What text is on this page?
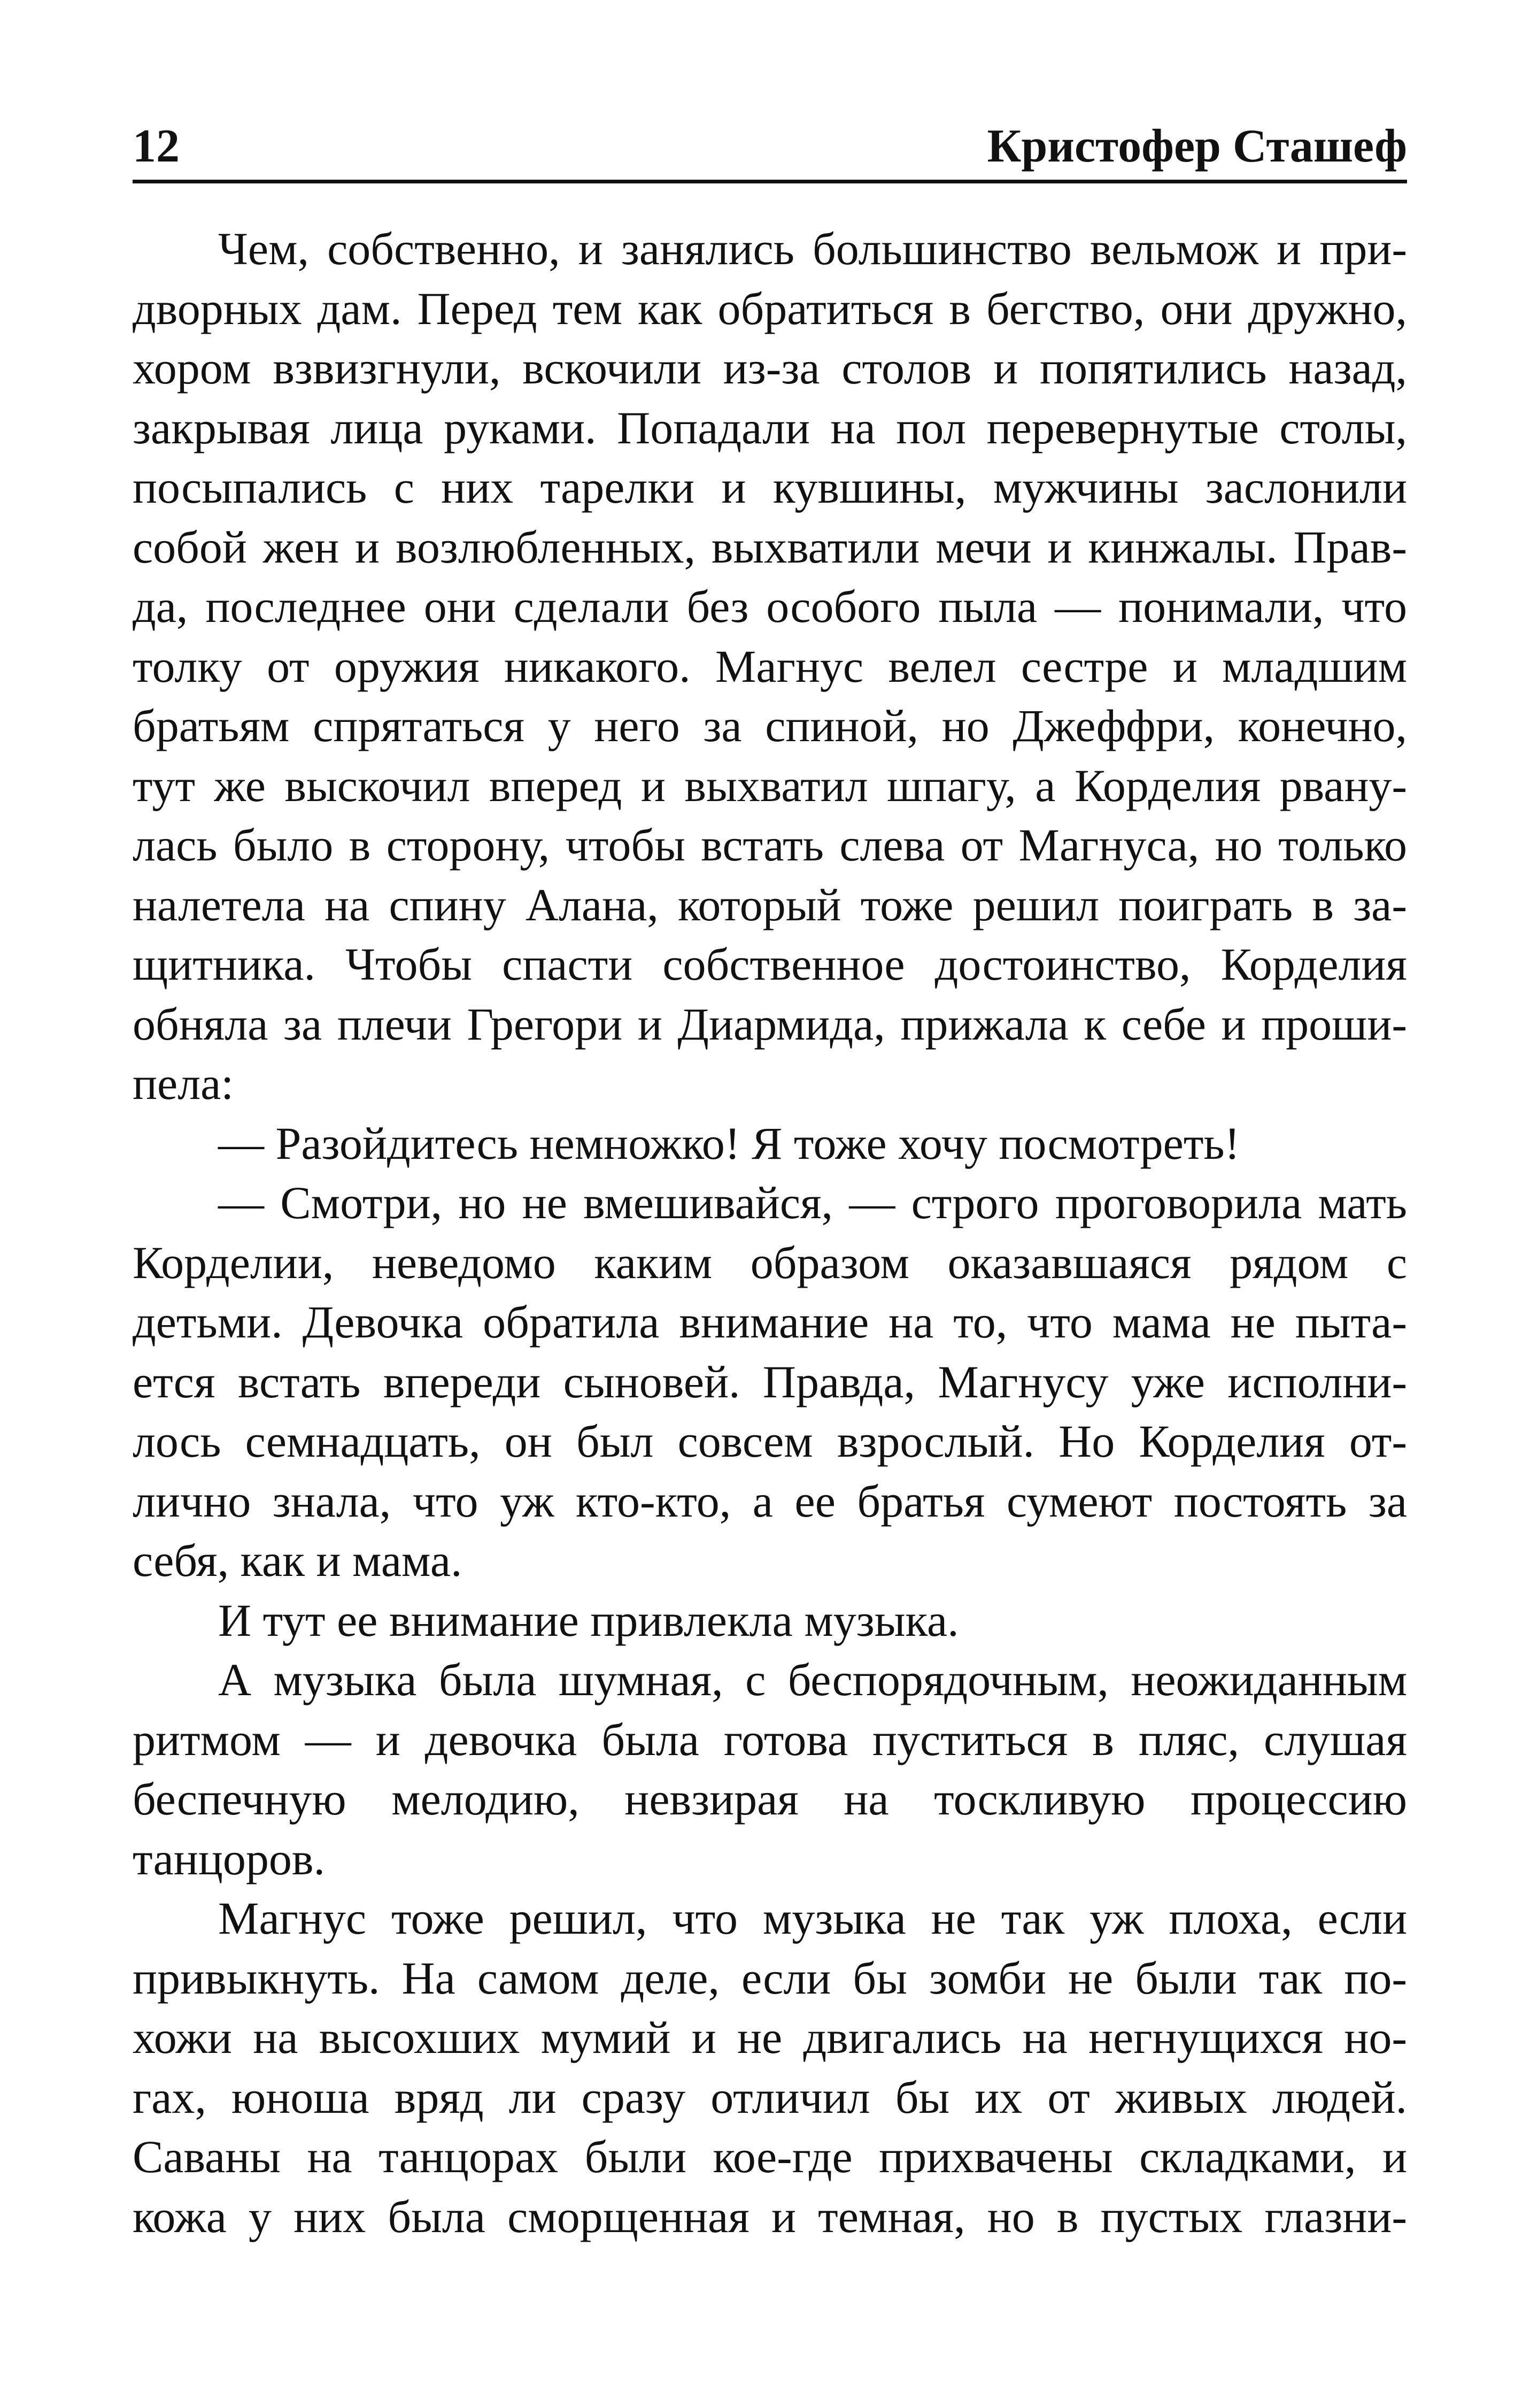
12	Кристофер Сташеф
Чем, собственно, и занялись большинство вельмож и при-
дворных дам. Перед тем как обратиться в бегство, они дружно,
хором взвизгнули, вскочили из-за столов и попятились назад,
закрывая лица руками. Попадали на пол перевернутые столы,
посыпались с них тарелки и кувшины, мужчины заслонили
собой жен и возлюбленных, выхватили мечи и кинжалы. Прав-
да, последнее они сделали без особого пыла — понимали, что
толку от оружия никакого. Магнус велел сестре и младшим
братьям спрятаться у него за спиной, но Джеффри, конечно,
тут же выскочил вперед и выхватил шпагу, а Корделия рвану-
лась было в сторону, чтобы встать слева от Магнуса, но только
налетела на спину Алана, который тоже решил поиграть в за-
щитника. Чтобы спасти собственное достоинство, Корделия
обняла за плечи Грегори и Диармида, прижала к себе и проши-
пела:
— Разойдитесь немножко! Я тоже хочу посмотреть!
— Смотри, но не вмешивайся, — строго проговорила мать
Корделии, неведомо каким образом оказавшаяся рядом с
детьми. Девочка обратила внимание на то, что мама не пыта-
ется встать впереди сыновей. Правда, Магнусу уже исполни-
лось семнадцать, он был совсем взрослый. Но Корделия от-
лично знала, что уж кто-кто, а ее братья сумеют постоять за
себя, как и мама.
И тут ее внимание привлекла музыка.
А музыка была шумная, с беспорядочным, неожиданным
ритмом — и девочка была готова пуститься в пляс, слушая
беспечную мелодию, невзирая на тоскливую процессию
танцоров.
Магнус тоже решил, что музыка не так уж плоха, если
привыкнуть. На самом деле, если бы зомби не были так по-
хожи на высохших мумий и не двигались на негнущихся но-
гах, юноша вряд ли сразу отличил бы их от живых людей.
Саваны на танцорах были кое-где прихвачены складками, и
кожа у них была сморщенная и темная, но в пустых глазни-
